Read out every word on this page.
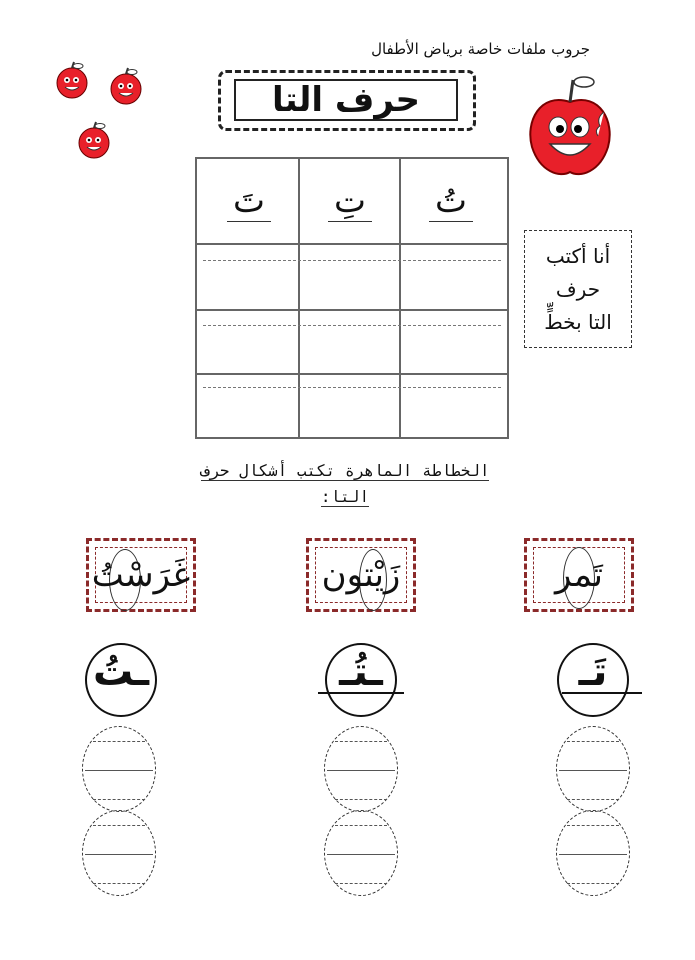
جروب ملفات خاصة برياض الأطفال
حرف التا
تُ
تِ
تَ
أنا أكتب
حرف
التا بخطٍّ
الخطاطة الماهرة تكتب أشكال حرف
التا:
تَمر
زَيْتون
غَرَسْتُ
تَـ
ـتُـ
ـتُ
